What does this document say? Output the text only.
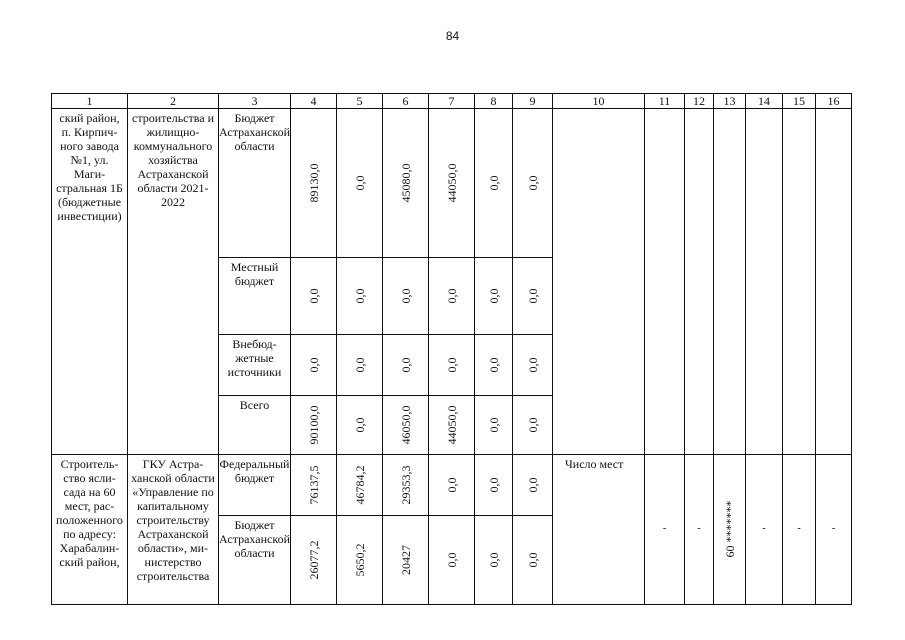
84
1	2	3	4	5	6	7	8	9	10	11	12	13	14	15	16
ский район, п. Кирпичного завода №1, ул. Магистральная 1Б (бюджетные инвестиции)	строительства и жилищно-коммунального хозяйства Астраханской области 2021-2022	Бюджет Астраханской области	89130,0	0,0	45080,0	44050,0	0,0	0,0							

		Местный бюджет	0,0	0,0	0,0	0,0	0,0	0,0							

		Внебюджетные источники	0,0	0,0	0,0	0,0	0,0	0,0							

		Всего	90100,0	0,0	46050,0	44050,0	0,0	0,0							

Строительство ясли-сада на 60 мест, расположенного по адресу: Харабалинский район,	ГКУ Астраханской области «Управление по капитальному строительству Астраханской области», министерство строительства	Федеральный бюджет	76137,5	46784,2	29353,3	0,0	0,0	0,0	Число мест	-	-	60 *******	-	-	-
		Бюджет Астраханской области	26077,2	5650,2	20427	0,0	0,0	0,0							
